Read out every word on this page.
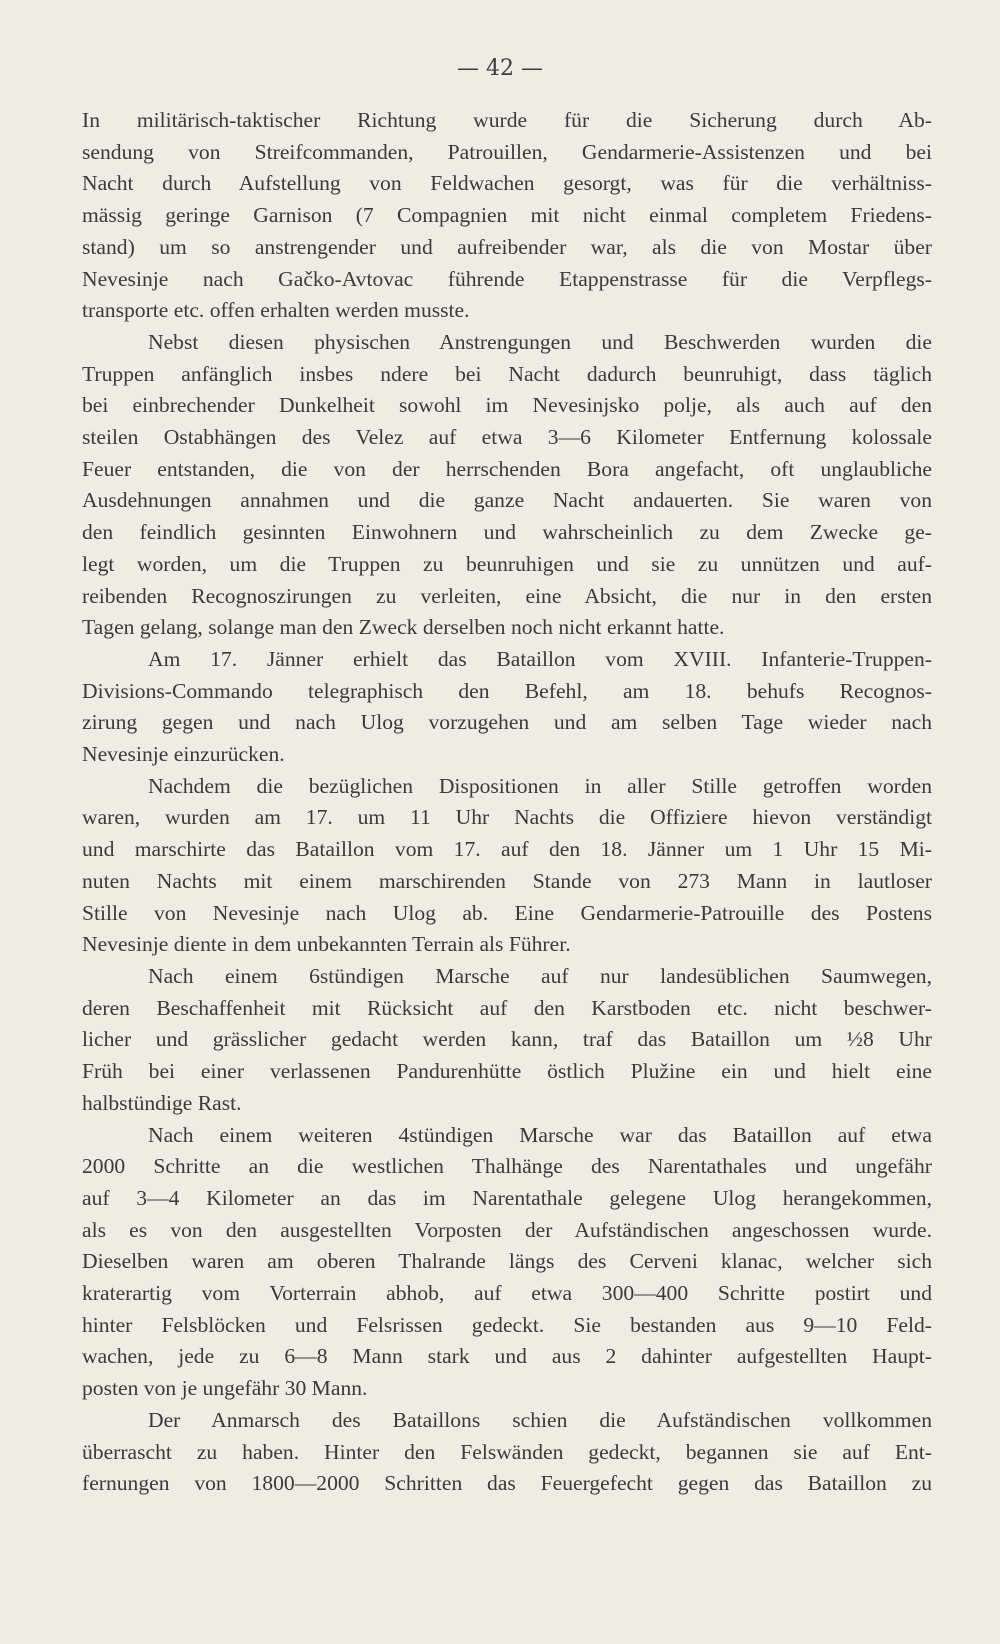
— 42 —

In militärisch-taktischer Richtung wurde für die Sicherung durch Ab-
sendung von Streifcommanden, Patrouillen, Gendarmerie-Assistenzen und bei
Nacht durch Aufstellung von Feldwachen gesorgt, was für die verhältniss-
mässig geringe Garnison (7 Compagnien mit nicht einmal completem Friedens-
stand) um so anstrengender und aufreibender war, als die von Mostar über
Nevesinje nach Gačko-Avtovac führende Etappenstrasse für die Verpflegs-
transporte etc. offen erhalten werden musste.

Nebst diesen physischen Anstrengungen und Beschwerden wurden die
Truppen anfänglich insbes ndere bei Nacht dadurch beunruhigt, dass täglich
bei einbrechender Dunkelheit sowohl im Nevesinjsko polje, als auch auf den
steilen Ostabhängen des Velez auf etwa 3—6 Kilometer Entfernung kolossale
Feuer entstanden, die von der herrschenden Bora angefacht, oft unglaubliche
Ausdehnungen annahmen und die ganze Nacht andauerten. Sie waren von
den feindlich gesinnten Einwohnern und wahrscheinlich zu dem Zwecke ge-
legt worden, um die Truppen zu beunruhigen und sie zu unnützen und auf-
reibenden Recognoszirungen zu verleiten, eine Absicht, die nur in den ersten
Tagen gelang, solange man den Zweck derselben noch nicht erkannt hatte.

Am 17. Jänner erhielt das Bataillon vom XVIII. Infanterie-Truppen-
Divisions-Commando telegraphisch den Befehl, am 18. behufs Recognos-
zirung gegen und nach Ulog vorzugehen und am selben Tage wieder nach
Nevesinje einzurücken.

Nachdem die bezüglichen Dispositionen in aller Stille getroffen worden
waren, wurden am 17. um 11 Uhr Nachts die Offiziere hievon verständigt
und marschirte das Bataillon vom 17. auf den 18. Jänner um 1 Uhr 15 Mi-
nuten Nachts mit einem marschirenden Stande von 273 Mann in lautloser
Stille von Nevesinje nach Ulog ab. Eine Gendarmerie-Patrouille des Postens
Nevesinje diente in dem unbekannten Terrain als Führer.

Nach einem 6stündigen Marsche auf nur landesüblichen Saumwegen,
deren Beschaffenheit mit Rücksicht auf den Karstboden etc. nicht beschwer-
licher und grässlicher gedacht werden kann, traf das Bataillon um ½8 Uhr
Früh bei einer verlassenen Pandurenhütte östlich Plužine ein und hielt eine
halbstündige Rast.

Nach einem weiteren 4stündigen Marsche war das Bataillon auf etwa
2000 Schritte an die westlichen Thalhänge des Narentathales und ungefähr
auf 3—4 Kilometer an das im Narentathale gelegene Ulog herangekommen,
als es von den ausgestellten Vorposten der Aufständischen angeschossen wurde.
Dieselben waren am oberen Thalrande längs des Cerveni klanac, welcher sich
kraterartig vom Vorterrain abhob, auf etwa 300—400 Schritte postirt und
hinter Felsblöcken und Felsrissen gedeckt. Sie bestanden aus 9—10 Feld-
wachen, jede zu 6—8 Mann stark und aus 2 dahinter aufgestellten Haupt-
posten von je ungefähr 30 Mann.

Der Anmarsch des Bataillons schien die Aufständischen vollkommen
überrascht zu haben. Hinter den Felswänden gedeckt, begannen sie auf Ent-
fernungen von 1800—2000 Schritten das Feuergefecht gegen das Bataillon zu
